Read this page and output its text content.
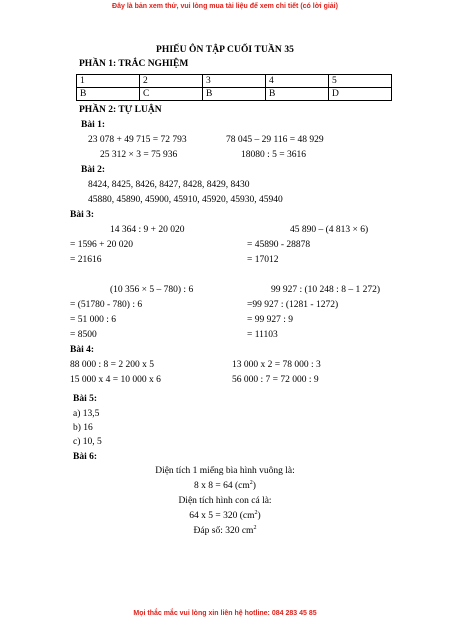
Đây là bản xem thử, vui lòng mua tài liệu để xem chi tiết (có lời giải)
PHIẾU ÔN TẬP CUỐI TUẦN 35
PHẦN 1: TRẮC NGHIỆM
1	2	3	4	5
B	C	B	B	D
PHẦN 2: TỰ LUẬN
Bài 1:
23 078 + 49 715 = 72 793	78 045 – 29 116 = 48 929
25 312 × 3 = 75 936	18080 : 5 = 3616
Bài 2:
8424, 8425, 8426, 8427, 8428, 8429, 8430
45880, 45890, 45900, 45910, 45920, 45930, 45940
Bài 3:
14 364 : 9 + 20 020
= 1596 + 20 020
= 21616
45 890 – (4 813 × 6)
= 45890 - 28878
= 17012
(10 356 × 5 – 780) : 6
= (51780 - 780) : 6
= 51 000 : 6
= 8500
99 927 : (10 248 : 8 – 1 272)
=99 927 : (1281 - 1272)
= 99 927 : 9
= 11103
Bài 4:
88 000 : 8 = 2 200 x 5	13 000 x 2 = 78 000 : 3
15 000 x 4 = 10 000 x 6	56 000 : 7 = 72 000 : 9
Bài 5:
a) 13,5
b) 16
c) 10, 5
Bài 6:
Diện tích 1 miếng bìa hình vuông là:
8 x 8 = 64 $(cm^2)$
Diện tích hình con cá là:
64 x 5 = 320 $(cm^2)$
Đáp số: 320 $cm^2$
Mọi thắc mắc vui lòng xin liên hệ hotline: 084 283 45 85
